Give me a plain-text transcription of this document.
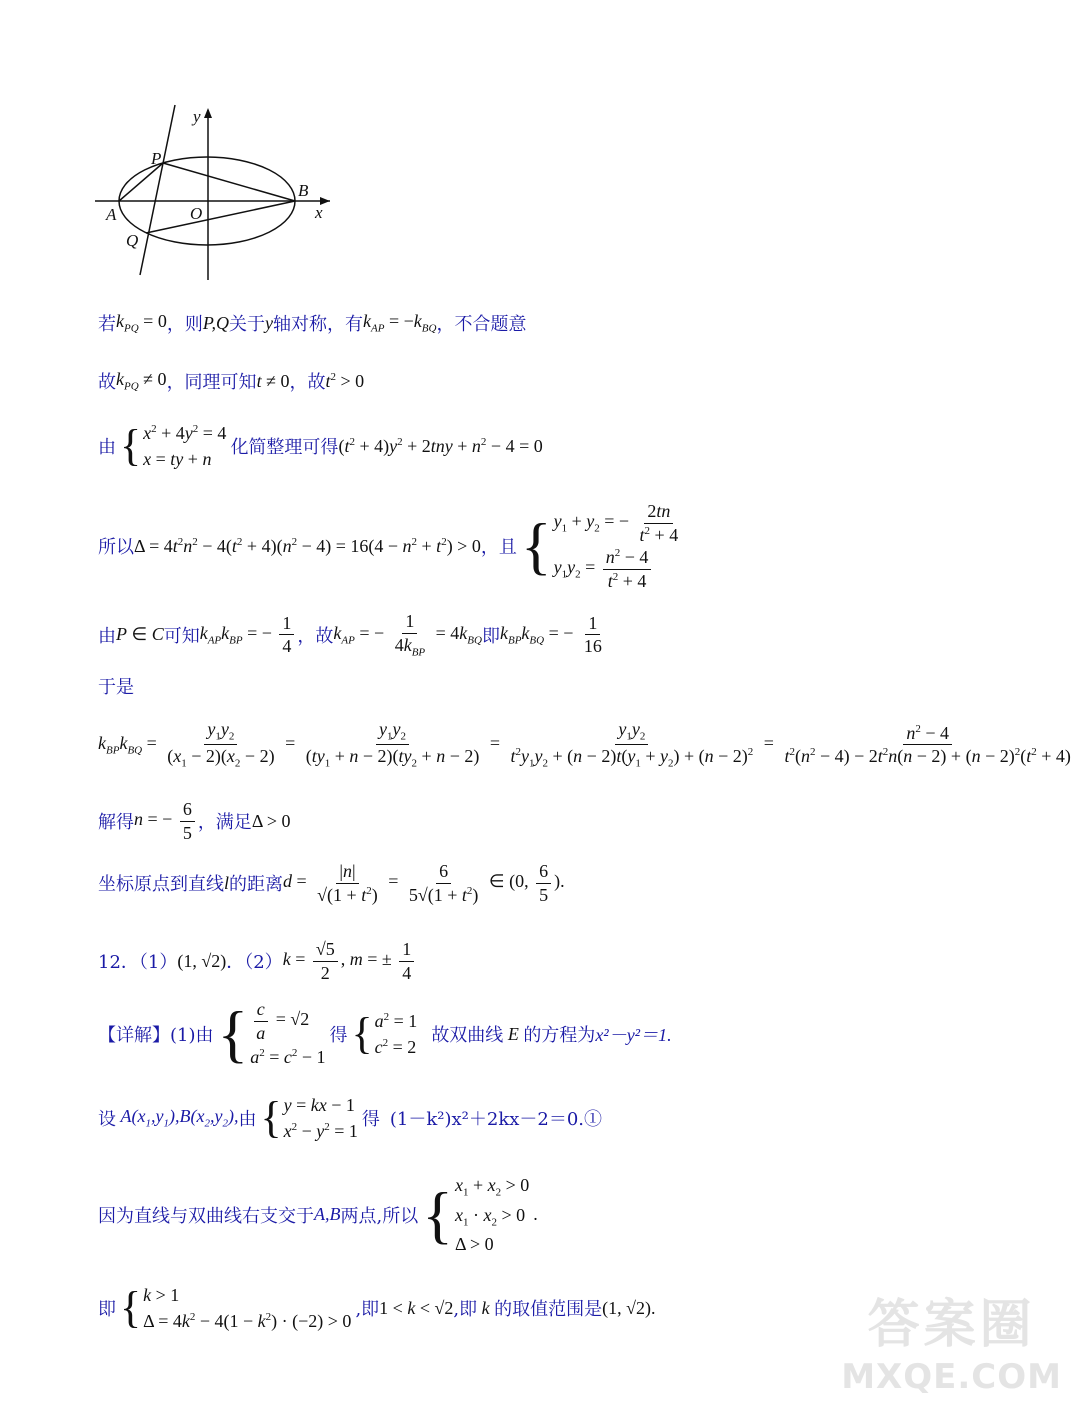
y
x
P
B
A	O
Q
若 $k_{PQ} = 0$ ，则 P,Q 关于 y 轴对称，有 $k_{AP} = -k_{BQ}$ ，不合题意
故 $k_{PQ} \ne 0$ ，同理可知 t ≠ 0 ，故 $t^2 > 0$
由 { $x^2 + 4y^2 = 4$
x = ty + n
化简整理可得 $(t^2 + 4)y^2 + 2tny + n^2 - 4 = 0$
所以 $\Delta = 4t^2n^2 - 4(t^2 + 4)(n^2 - 4) = 16(4 - n^2 + t^2) > 0$ ，且 { $y_1 + y_2$ = − $\frac{2tn}{t^2 + 4}$
$y_1y_2 = \frac{n^2 - 4}{t^2 + 4}$
由 P ∈ C 可知 $k_{AP}k_{BP}$ = − $\frac{1}{4}$ ，故 $k_{AP}$ = − $\frac{1}{4k_{BP}} = 4k_{BQ}$ 即 $k_{BP}k_{BQ}$ = − $\frac{1}{16}$
于是
$k_{BP}k_{BQ} = \frac{y_1y_2}{(x_1 - 2)(x_2 - 2)} = \frac{y_1y_2}{(ty_1 + n - 2)(ty_2 + n - 2)} = \frac{y_1y_2}{t^2y_1y_2 + (n - 2)t(y_1 + y_2) + (n - 2)^2} = \frac{n^2 - 4}{t^2(n^2 - 4) - 2t^2n(n - 2) + (n - 2)^2(t^2 + 4)}$
解得 n = − $\frac{6}{5}$ ，满足 Δ > 0
坐标原点到直线 l 的距离 $d = \frac{|n|}{√(1 + t^2)} = \frac{6}{5√(1 + t^2)}$ ∈ (0, $\frac{6}{5}$ ).
12．（1） (1, √2) ．（2） $k = \frac{√5}{2}$ , m = ± $\frac{1}{4}$
【详解】 (1)由 { $\frac{c}{a} = √2$
$a^2 = c^2 - 1$
得 { $a^2 = 1$
$c^2 = 2$
故双曲线 E 的方程为 x²－y²＝1.
设 $A(x_1,y_1),B(x_2,y_2)$, 由 { y = kx − 1
$x^2 - y^2 = 1$
得 (1－k²)x²＋2kx－2＝0.①
因为直线与双曲线右支交于 A,B 两点,所以 { $x_1 + x_2 > 0$
$x_1 \cdot x_2 > 0$
Δ > 0
.
即 { k > 1
$\Delta = 4k^2 - 4(1 - k^2) \cdot (-2) > 0$
,即 1 < k < √2 ,即 k 的取值范围是 (1, √2).	答案圈
MXQE.COM
